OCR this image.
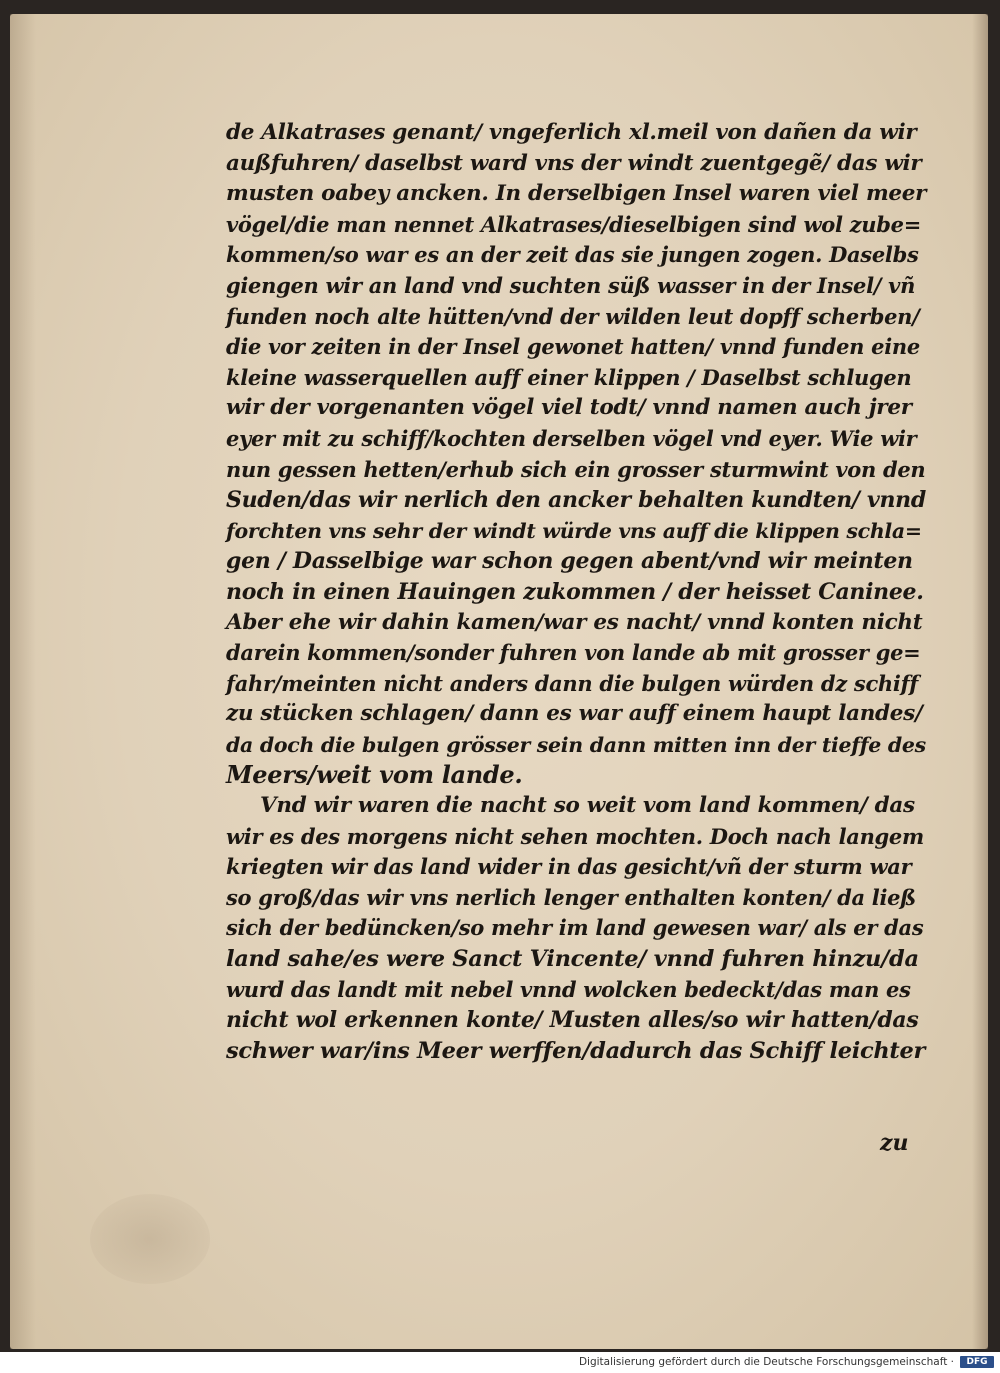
de Alkatrases genant/ vngeferlich xl.meil von dañen da wir
außfuhren/ daselbst ward vns der windt zuentgegẽ/ das wir
musten oabey ancken. In derselbigen Insel waren viel meer
vögel/die man nennet Alkatrases/dieselbigen sind wol zube=
kommen/so war es an der zeit das sie jungen zogen. Daselbs
giengen wir an land vnd suchten süß wasser in der Insel/ vñ
funden noch alte hütten/vnd der wilden leut dopff scherben/
die vor zeiten in der Insel gewonet hatten/ vnnd funden eine
kleine wasserquellen auff einer klippen / Daselbst schlugen
wir der vorgenanten vögel viel todt/ vnnd namen auch jrer
eyer mit zu schiff/kochten derselben vögel vnd eyer. Wie wir
nun gessen hetten/erhub sich ein grosser sturmwint von den
Suden/das wir nerlich den ancker behalten kundten/ vnnd
forchten vns sehr der windt würde vns auff die klippen schla=
gen / Dasselbige war schon gegen abent/vnd wir meinten
noch in einen Hauingen zukommen / der heisset Caninee.
Aber ehe wir dahin kamen/war es nacht/ vnnd konten nicht
darein kommen/sonder fuhren von lande ab mit grosser ge=
fahr/meinten nicht anders dann die bulgen würden dz schiff
zu stücken schlagen/ dann es war auff einem haupt landes/
da doch die bulgen grösser sein dann mitten inn der tieffe des
Meers/weit vom lande.
Vnd wir waren die nacht so weit vom land kommen/ das
wir es des morgens nicht sehen mochten. Doch nach langem
kriegten wir das land wider in das gesicht/vñ der sturm war
so groß/das wir vns nerlich lenger enthalten konten/ da ließ
sich der bedüncken/so mehr im land gewesen war/ als er das
land sahe/es were Sanct Vincente/ vnnd fuhren hinzu/da
wurd das landt mit nebel vnnd wolcken bedeckt/das man es
nicht wol erkennen konte/ Musten alles/so wir hatten/das
schwer war/ins Meer werffen/dadurch das Schiff leichter
zu
Digitalisierung gefördert durch die Deutsche Forschungsgemeinschaft ·	DFG
